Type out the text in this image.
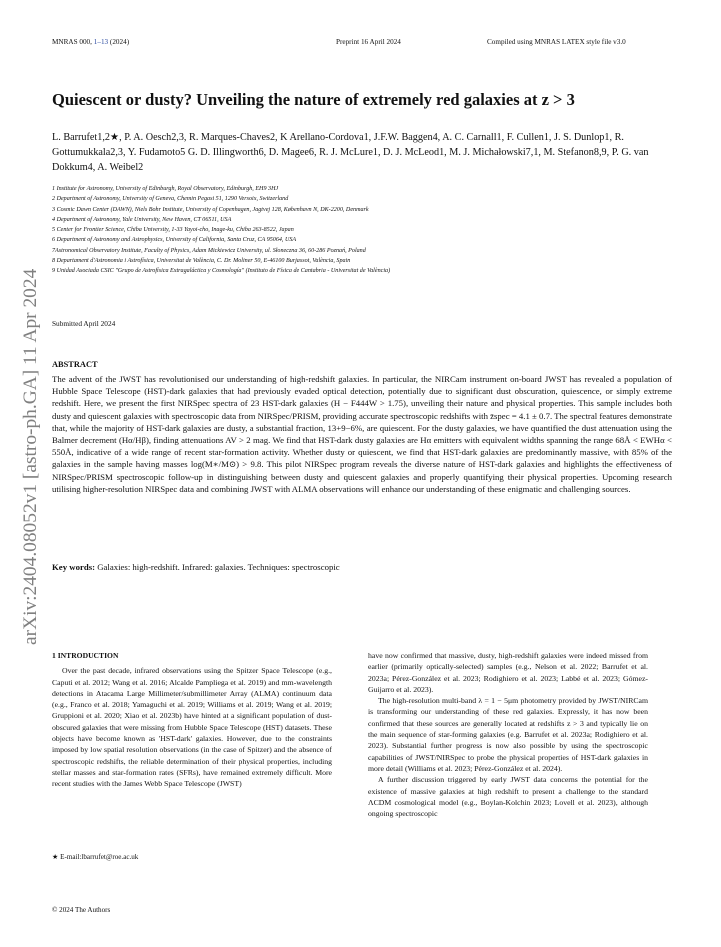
MNRAS 000, 1–13 (2024)	Preprint 16 April 2024	Compiled using MNRAS LATEX style file v3.0
Quiescent or dusty? Unveiling the nature of extremely red galaxies at z > 3
L. Barrufet1,2★, P. A. Oesch2,3, R. Marques-Chaves2, K Arellano-Cordova1, J.F.W. Baggen4, A. C. Carnall1, F. Cullen1, J. S. Dunlop1, R. Gottumukkala2,3, Y. Fudamoto5 G. D. Illingworth6, D. Magee6, R. J. McLure1, D. J. McLeod1, M. J. Michałowski7,1, M. Stefanon8,9, P. G. van Dokkum4, A. Weibel2
1 Institute for Astronomy, University of Edinburgh, Royal Observatory, Edinburgh, EH9 3HJ
2 Department of Astronomy, University of Geneva, Chemin Pegasi 51, 1290 Versoix, Switzerland
3 Cosmic Dawn Center (DAWN), Niels Bohr Institute, University of Copenhagen, Jagtvej 128, København N, DK-2200, Denmark
4 Department of Astronomy, Yale University, New Haven, CT 06511, USA
5 Center for Frontier Science, Chiba University, 1-33 Yayoi-cho, Inage-ku, Chiba 263-8522, Japan
6 Department of Astronomy and Astrophysics, University of California, Santa Cruz, CA 95064, USA
7Astronomical Observatory Institute, Faculty of Physics, Adam Mickiewicz University, ul. Słoneczna 36, 60-286 Poznań, Poland
8 Departament d'Astronomia i Astrofísica, Universitat de València, C. Dr. Moliner 50, E-46100 Burjassot, València, Spain
9 Unidad Asociada CSIC "Grupo de Astrofísica Extragaláctica y Cosmología" (Instituto de Física de Cantabria - Universitat de València)
Submitted April 2024
ABSTRACT
The advent of the JWST has revolutionised our understanding of high-redshift galaxies. In particular, the NIRCam instrument on-board JWST has revealed a population of Hubble Space Telescope (HST)-dark galaxies that had previously evaded optical detection, potentially due to significant dust obscuration, quiescence, or simply extreme redshift. Here, we present the first NIRSpec spectra of 23 HST-dark galaxies (H − F444W > 1.75), unveiling their nature and physical properties. This sample includes both dusty and quiescent galaxies with spectroscopic data from NIRSpec/PRISM, providing accurate spectroscopic redshifts with z̄spec = 4.1 ± 0.7. The spectral features demonstrate that, while the majority of HST-dark galaxies are dusty, a substantial fraction, 13+9−6%, are quiescent. For the dusty galaxies, we have quantified the dust attenuation using the Balmer decrement (Hα/Hβ), finding attenuations AV > 2 mag. We find that HST-dark dusty galaxies are Hα emitters with equivalent widths spanning the range 68Å < EWHα < 550Å, indicative of a wide range of recent star-formation activity. Whether dusty or quiescent, we find that HST-dark galaxies are predominantly massive, with 85% of the galaxies in the sample having masses log(M∗/M⊙) > 9.8. This pilot NIRSpec program reveals the diverse nature of HST-dark galaxies and highlights the effectiveness of NIRSpec/PRISM spectroscopic follow-up in distinguishing between dusty and quiescent galaxies and properly quantifying their physical properties. Upcoming research utilising higher-resolution NIRSpec data and combining JWST with ALMA observations will enhance our understanding of these enigmatic and challenging sources.
Key words: Galaxies: high-redshift. Infrared: galaxies. Techniques: spectroscopic
arXiv:2404.08052v1 [astro-ph.GA] 11 Apr 2024
1 INTRODUCTION

Over the past decade, infrared observations using the Spitzer Space Telescope (e.g., Caputi et al. 2012; Wang et al. 2016; Alcalde Pampliega et al. 2019) and mm-wavelength detections in Atacama Large Millimeter/submillimeter Array (ALMA) continuum data (e.g., Franco et al. 2018; Yamaguchi et al. 2019; Williams et al. 2019; Wang et al. 2019; Gruppioni et al. 2020; Xiao et al. 2023b) have hinted at a significant population of dust-obscured galaxies that were missing from Hubble Space Telescope (HST) datasets. These objects have become known as 'HST-dark' galaxies. However, due to the constraints imposed by low spatial resolution observations (in the case of Spitzer) and the absence of spectroscopic redshifts, the reliable determination of their physical properties, including stellar masses and star-formation rates (SFRs), have remained extremely difficult. More recent studies with the James Webb Space Telescope (JWST)

have now confirmed that massive, dusty, high-redshift galaxies were indeed missed from earlier (primarily optically-selected) samples (e.g., Nelson et al. 2022; Barrufet et al. 2023a; Pérez-González et al. 2023; Rodighiero et al. 2023; Labbé et al. 2023; Gómez-Guijarro et al. 2023).

The high-resolution multi-band λ = 1 − 5μm photometry provided by JWST/NIRCam is transforming our understanding of these red galaxies. Expressly, it has now been confirmed that these sources are generally located at redshifts z > 3 and typically lie on the main sequence of star-forming galaxies (e.g. Barrufet et al. 2023a; Rodighiero et al. 2023). Substantial further progress is now also possible by using the spectroscopic capabilities of JWST/NIRSpec to probe the physical properties of HST-dark galaxies in more detail (Williams et al. 2023; Pérez-González et al. 2024).

A further discussion triggered by early JWST data concerns the potential for the existence of massive galaxies at high redshift to present a challenge to the standard ΛCDM cosmological model (e.g., Boylan-Kolchin 2023; Lovell et al. 2023), although ongoing spectroscopic

★ E-mail:lbarrufet@roe.ac.uk
© 2024 The Authors
